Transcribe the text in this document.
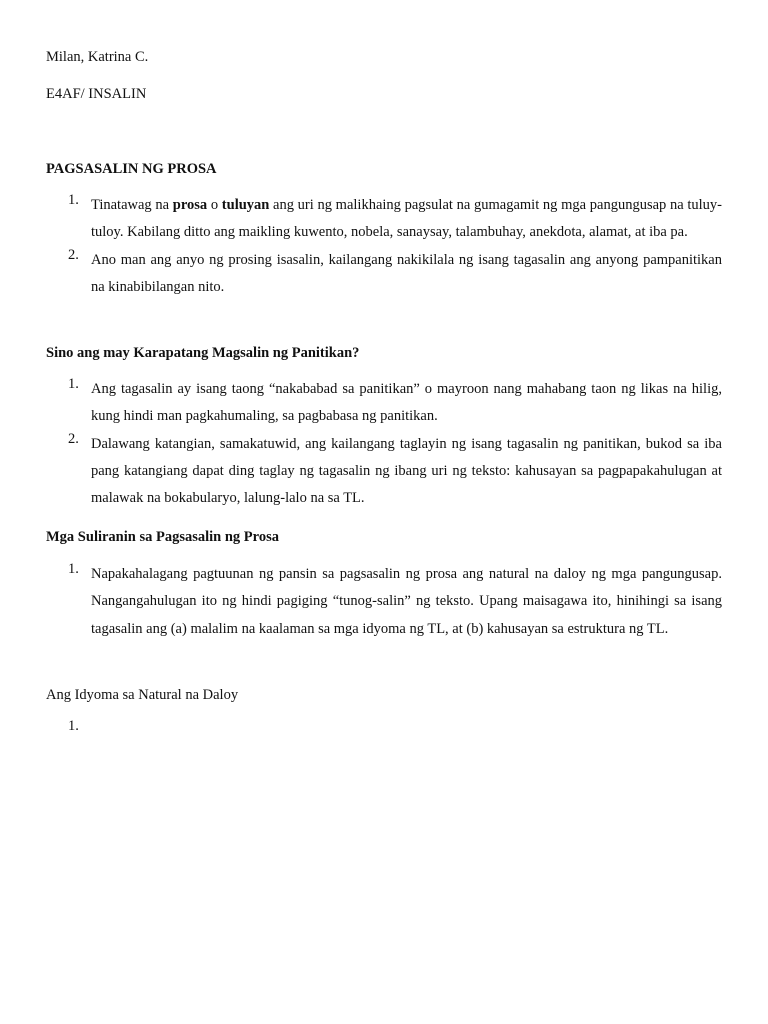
Milan, Katrina C.

E4AF/ INSALIN

PAGSASALIN NG PROSA

1. Tinatawag na prosa o tuluyan ang uri ng malikhaing pagsulat na gumagamit ng mga pangungusap na tuluy-tuloy. Kabilang ditto ang maikling kuwento, nobela, sanaysay, talambuhay, anekdota, alamat, at iba pa.

2. Ano man ang anyo ng prosing isasalin, kailangang nakikilala ng isang tagasalin ang anyong pampanitikan na kinabibilangan nito.

Sino ang may Karapatang Magsalin ng Panitikan?

1. Ang tagasalin ay isang taong “nakababad sa panitikan” o mayroon nang mahabang taon ng likas na hilig, kung hindi man pagkahumaling, sa pagbabasa ng panitikan.

2. Dalawang katangian, samakatuwid, ang kailangang taglayin ng isang tagasalin ng panitikan, bukod sa iba pang katangiang dapat ding taglay ng tagasalin ng ibang uri ng teksto: kahusayan sa pagpapakahulugan at malawak na bokabularyo, lalung-lalo na sa TL.

Mga Suliranin sa Pagsasalin ng Prosa

1. Napakahalagang pagtuunan ng pansin sa pagsasalin ng prosa ang natural na daloy ng mga pangungusap. Nangangahulugan ito ng hindi pagiging “tunog-salin” ng teksto. Upang maisagawa ito, hinihingi sa isang tagasalin ang (a) malalim na kaalaman sa mga idyoma ng TL, at (b) kahusayan sa estruktura ng TL.

Ang Idyoma sa Natural na Daloy

1.
